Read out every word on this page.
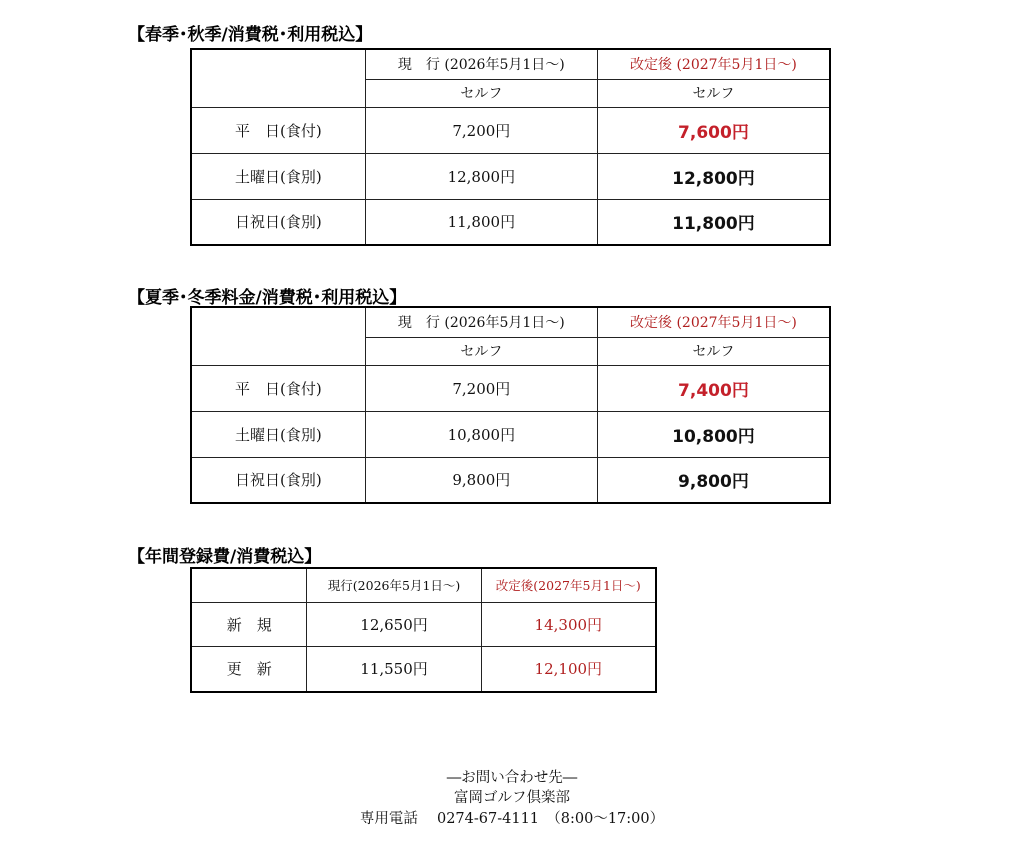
【春季･秋季/消費税･利用税込】
	現　行 (2026年5月1日～)	改定後 (2027年5月1日～)
	セルフ	セルフ
平　日(食付)	7,200円	7,600円
土曜日(食別)	12,800円	12,800円
日祝日(食別)	11,800円	11,800円
【夏季･冬季料金/消費税･利用税込】
	現　行 (2026年5月1日～)	改定後 (2027年5月1日～)
	セルフ	セルフ
平　日(食付)	7,200円	7,400円
土曜日(食別)	10,800円	10,800円
日祝日(食別)	9,800円	9,800円
【年間登録費/消費税込】
	現行(2026年5月1日～)	改定後(2027年5月1日～)
新　規	12,650円	14,300円
更　新	11,550円	12,100円
―お問い合わせ先―
富岡ゴルフ倶楽部
専用電話　 0274-67-4111　（8:00～17:00）
